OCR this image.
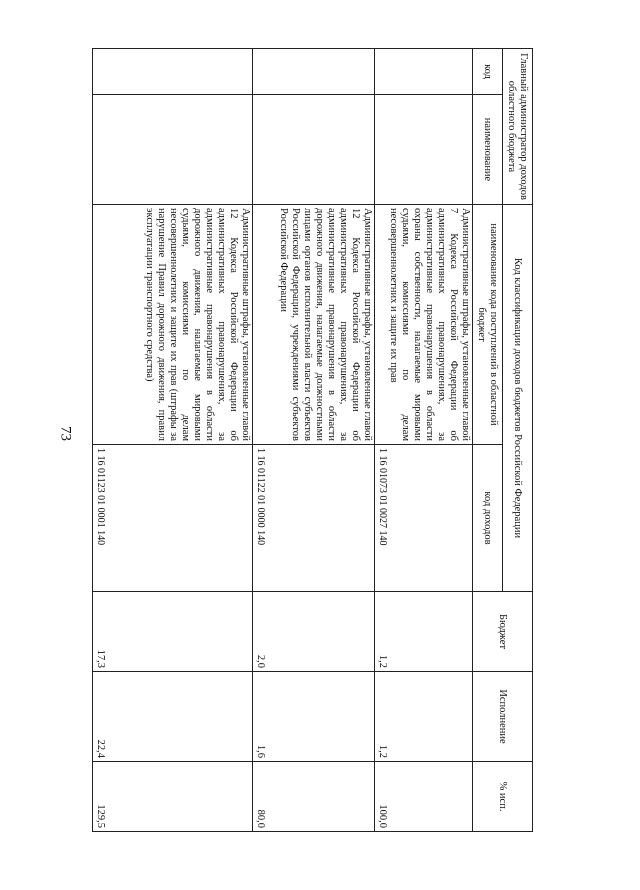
73
Главный администратор доходов областного бюджета		Код классификации доходов бюджетов Российской Федерации		Бюджет	Исполнение	% исп.
код	наименование	наименование кода поступлений в областной бюджет	код доходов			
		Административные штрафы, установленные главой 7 Кодекса Российской Федерации об административных правонарушениях, за административные правонарушения в области охраны собственности, налагаемые мировыми судьями, комиссиями по делам несовершеннолетних и защите их прав	1 16 01073 01 0027 140	1,2	1,2	100,0
		Административные штрафы, установленные главой 12 Кодекса Российской Федерации об административных правонарушениях, за административные правонарушения в области дорожного движения, налагаемые должностными лицами органов исполнительной власти субъектов Российской Федерации, учреждениями субъектов Российской Федерации	1 16 01122 01 0000 140	2,0	1,6	80,0
		Административные штрафы, установленные главой 12 Кодекса Российской Федерации об административных правонарушениях, за административные правонарушения в области дорожного движения, налагаемые мировыми судьями, комиссиями по делам несовершеннолетних и защите их прав (штрафы за нарушение Правил дорожного движения, правил эксплуатации транспортного средства)	1 16 01123 01 0001 140	17,3	22,4	129,5
